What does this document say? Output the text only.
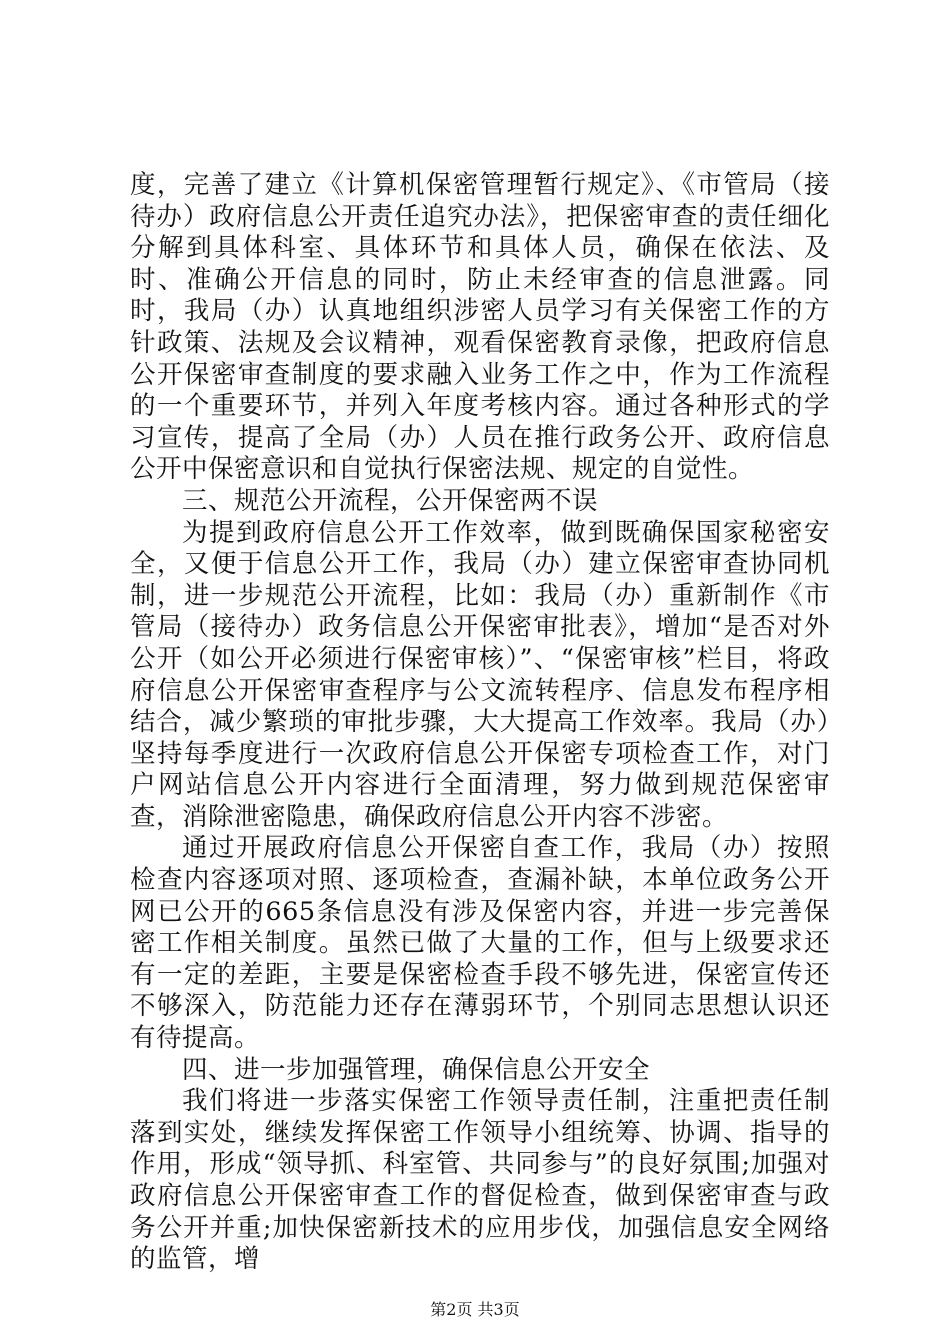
度，完善了建立《计算机保密管理暂行规定》、《市管局（接待办）政府信息公开责任追究办法》，把保密审查的责任细化分解到具体科室、具体环节和具体人员，确保在依法、及时、准确公开信息的同时，防止未经审查的信息泄露。同时，我局（办）认真地组织涉密人员学习有关保密工作的方针政策、法规及会议精神，观看保密教育录像，把政府信息公开保密审查制度的要求融入业务工作之中，作为工作流程的一个重要环节，并列入年度考核内容。通过各种形式的学习宣传，提高了全局（办）人员在推行政务公开、政府信息公开中保密意识和自觉执行保密法规、规定的自觉性。

三、规范公开流程，公开保密两不误

为提到政府信息公开工作效率，做到既确保国家秘密安全，又便于信息公开工作，我局（办）建立保密审查协同机制，进一步规范公开流程，比如：我局（办）重新制作《市管局（接待办）政务信息公开保密审批表》，增加“是否对外公开（如公开必须进行保密审核）”、“保密审核”栏目，将政府信息公开保密审查程序与公文流转程序、信息发布程序相结合，减少繁琐的审批步骤，大大提高工作效率。我局（办）坚持每季度进行一次政府信息公开保密专项检查工作，对门户网站信息公开内容进行全面清理，努力做到规范保密审查，消除泄密隐患，确保政府信息公开内容不涉密。

通过开展政府信息公开保密自查工作，我局（办）按照检查内容逐项对照、逐项检查，查漏补缺，本单位政务公开网已公开的665条信息没有涉及保密内容，并进一步完善保密工作相关制度。虽然已做了大量的工作，但与上级要求还有一定的差距，主要是保密检查手段不够先进，保密宣传还不够深入，防范能力还存在薄弱环节，个别同志思想认识还有待提高。

四、进一步加强管理，确保信息公开安全

我们将进一步落实保密工作领导责任制，注重把责任制落到实处，继续发挥保密工作领导小组统筹、协调、指导的作用，形成“领导抓、科室管、共同参与”的良好氛围;加强对政府信息公开保密审查工作的督促检查，做到保密审查与政务公开并重;加快保密新技术的应用步伐，加强信息安全网络的监管，增

第2页 共3页
